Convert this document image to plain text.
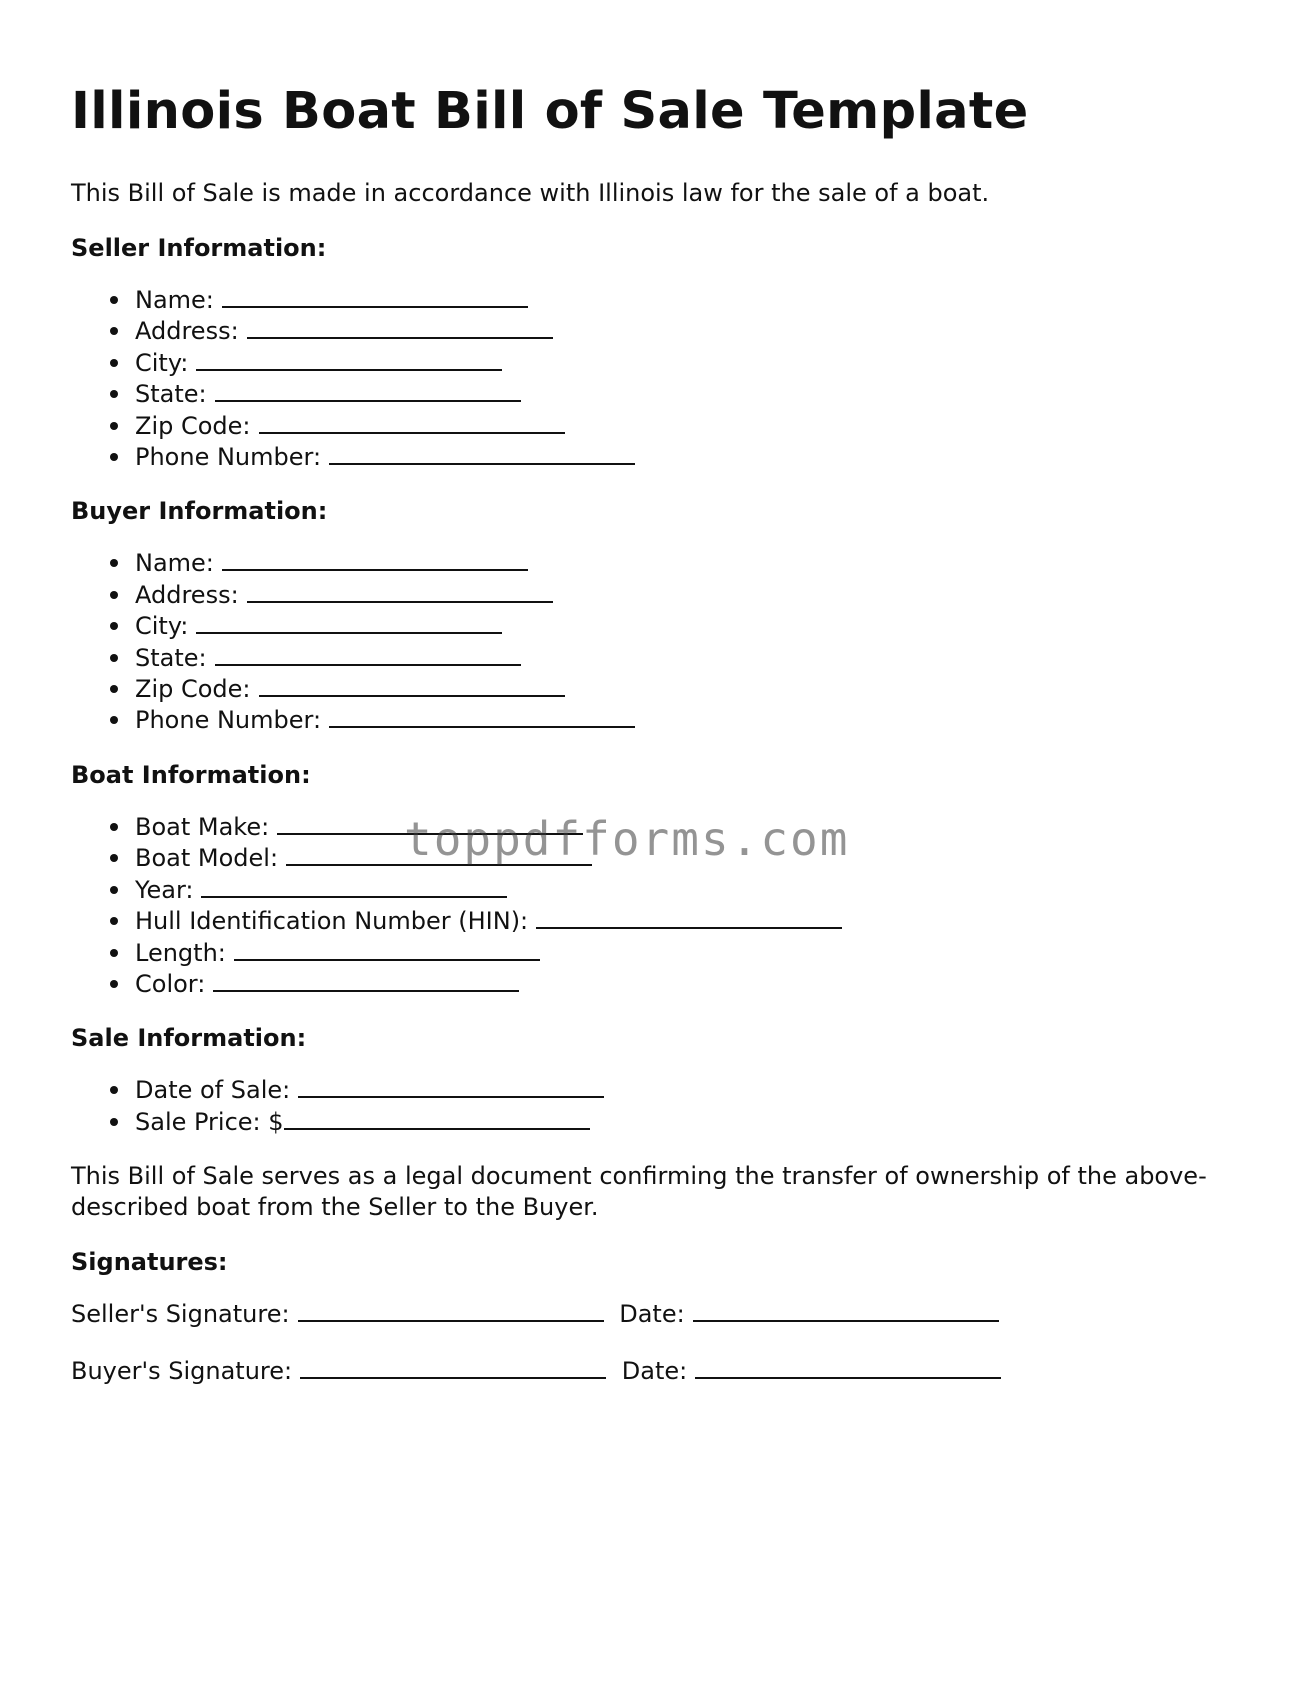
Illinois Boat Bill of Sale Template

This Bill of Sale is made in accordance with Illinois law for the sale of a boat.

Seller Information:
Name:
Address:
City:
State:
Zip Code:
Phone Number:
Buyer Information:
Name:
Address:
City:
State:
Zip Code:
Phone Number:
Boat Information:
Boat Make:
Boat Model:
Year:
Hull Identification Number (HIN):
Length:
Color:
Sale Information:
Date of Sale:
Sale Price: $

This Bill of Sale serves as a legal document confirming the transfer of ownership of the above-described boat from the Seller to the Buyer.

Signatures:
Seller's Signature:	Date:
Buyer's Signature:	Date:
toppdfforms.com
